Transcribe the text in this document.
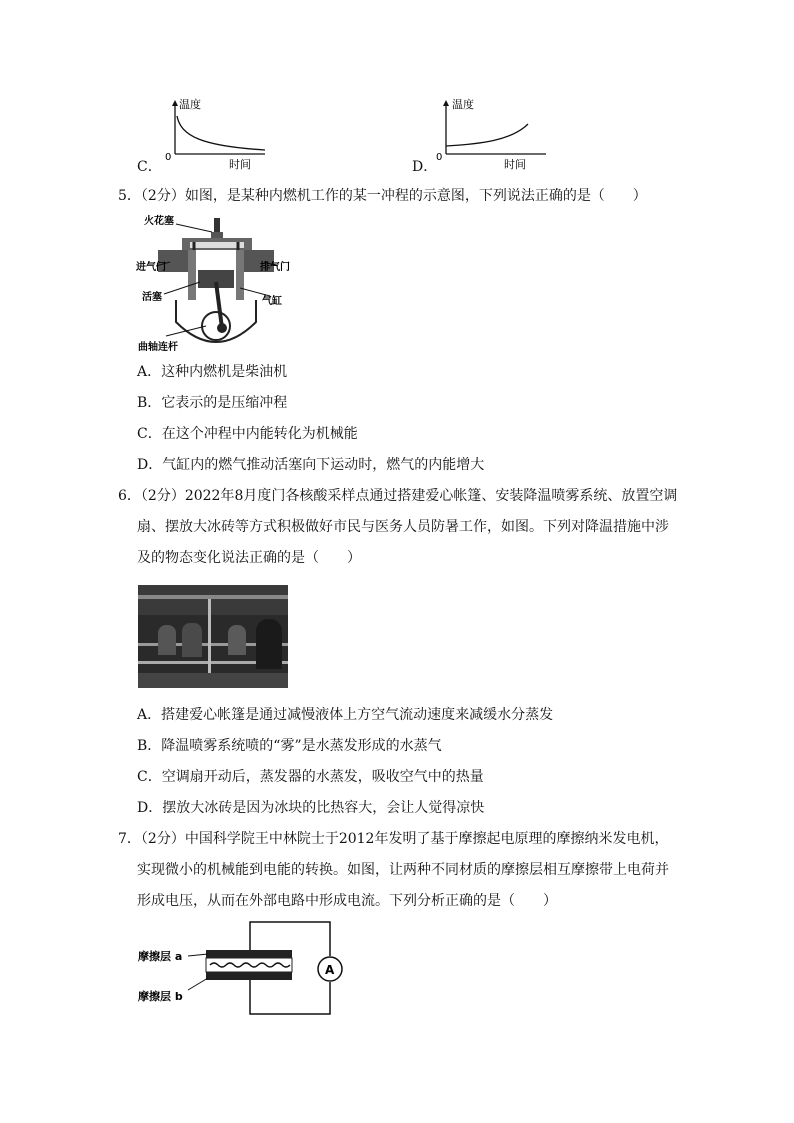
C．
温度
0
时间	D．
温度
0
时间
5．（2分）如图，是某种内燃机工作的某一冲程的示意图，下列说法正确的是（　　）
火花塞
进气门	排气门
活塞	气缸
曲轴连杆
A．这种内燃机是柴油机
B．它表示的是压缩冲程
C．在这个冲程中内能转化为机械能
D．气缸内的燃气推动活塞向下运动时，燃气的内能增大
6．（2分）2022年8月度门各核酸采样点通过搭建爱心帐篷、安装降温喷雾系统、放置空调
扇、摆放大冰砖等方式积极做好市民与医务人员防暑工作，如图。下列对降温措施中涉
及的物态变化说法正确的是（　　）
A．搭建爱心帐篷是通过减慢液体上方空气流动速度来减缓水分蒸发
B．降温喷雾系统喷的“雾”是水蒸发形成的水蒸气
C．空调扇开动后，蒸发器的水蒸发，吸收空气中的热量
D．摆放大冰砖是因为冰块的比热容大，会让人觉得凉快
7．（2分）中国科学院王中林院士于2012年发明了基于摩擦起电原理的摩擦纳米发电机，
实现微小的机械能到电能的转换。如图，让两种不同材质的摩擦层相互摩擦带上电荷并
形成电压，从而在外部电路中形成电流。下列分析正确的是（　　）
A
摩擦层 a
摩擦层 b
